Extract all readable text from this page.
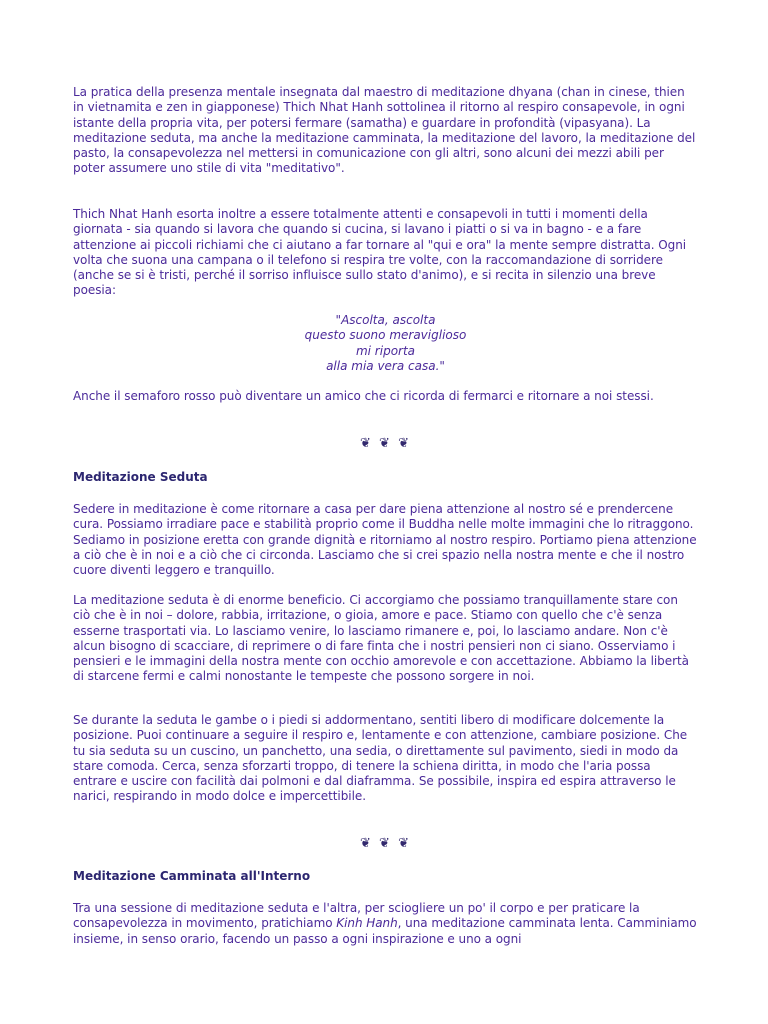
La pratica della presenza mentale insegnata dal maestro di meditazione dhyana (chan in cinese, thien in vietnamita e zen in giapponese) Thich Nhat Hanh sottolinea il ritorno al respiro consapevole, in ogni istante della propria vita, per potersi fermare (samatha) e guardare in profondità (vipasyana). La meditazione seduta, ma anche la meditazione camminata, la meditazione del lavoro, la meditazione del pasto, la consapevolezza nel mettersi in comunicazione con gli altri, sono alcuni dei mezzi abili per poter assumere uno stile di vita "meditativo".

Thich Nhat Hanh esorta inoltre a essere totalmente attenti e consapevoli in tutti i momenti della giornata - sia quando si lavora che quando si cucina, si lavano i piatti o si va in bagno - e a fare attenzione ai piccoli richiami che ci aiutano a far tornare al "qui e ora" la mente sempre distratta. Ogni volta che suona una campana o il telefono si respira tre volte, con la raccomandazione di sorridere (anche se si è tristi, perché il sorriso influisce sullo stato d'animo), e si recita in silenzio una breve poesia:

"Ascolta, ascolta
questo suono meraviglioso
mi riporta
alla mia vera casa."

Anche il semaforo rosso può diventare un amico che ci ricorda di fermarci e ritornare a noi stessi.

❦ ❦ ❦
Meditazione Seduta

Sedere in meditazione è come ritornare a casa per dare piena attenzione al nostro sé e prendercene cura. Possiamo irradiare pace e stabilità proprio come il Buddha nelle molte immagini che lo ritraggono. Sediamo in posizione eretta con grande dignità e ritorniamo al nostro respiro. Portiamo piena attenzione a ciò che è in noi e a ciò che ci circonda. Lasciamo che si crei spazio nella nostra mente e che il nostro cuore diventi leggero e tranquillo.

La meditazione seduta è di enorme beneficio. Ci accorgiamo che possiamo tranquillamente stare con ciò che è in noi – dolore, rabbia, irritazione, o gioia, amore e pace. Stiamo con quello che c'è senza esserne trasportati via. Lo lasciamo venire, lo lasciamo rimanere e, poi, lo lasciamo andare. Non c'è alcun bisogno di scacciare, di reprimere o di fare finta che i nostri pensieri non ci siano. Osserviamo i pensieri e le immagini della nostra mente con occhio amorevole e con accettazione. Abbiamo la libertà di starcene fermi e calmi nonostante le tempeste che possono sorgere in noi.

Se durante la seduta le gambe o i piedi si addormentano, sentiti libero di modificare dolcemente la posizione. Puoi continuare a seguire il respiro e, lentamente e con attenzione, cambiare posizione. Che tu sia seduta su un cuscino, un panchetto, una sedia, o direttamente sul pavimento, siedi in modo da stare comoda. Cerca, senza sforzarti troppo, di tenere la schiena diritta, in modo che l'aria possa entrare e uscire con facilità dai polmoni e dal diaframma. Se possibile, inspira ed espira attraverso le narici, respirando in modo dolce e impercettibile.

❦ ❦ ❦
Meditazione Camminata all'Interno

Tra una sessione di meditazione seduta e l'altra, per sciogliere un po' il corpo e per praticare la consapevolezza in movimento, pratichiamo Kinh Hanh, una meditazione camminata lenta. Camminiamo insieme, in senso orario, facendo un passo a ogni inspirazione e uno a ogni
